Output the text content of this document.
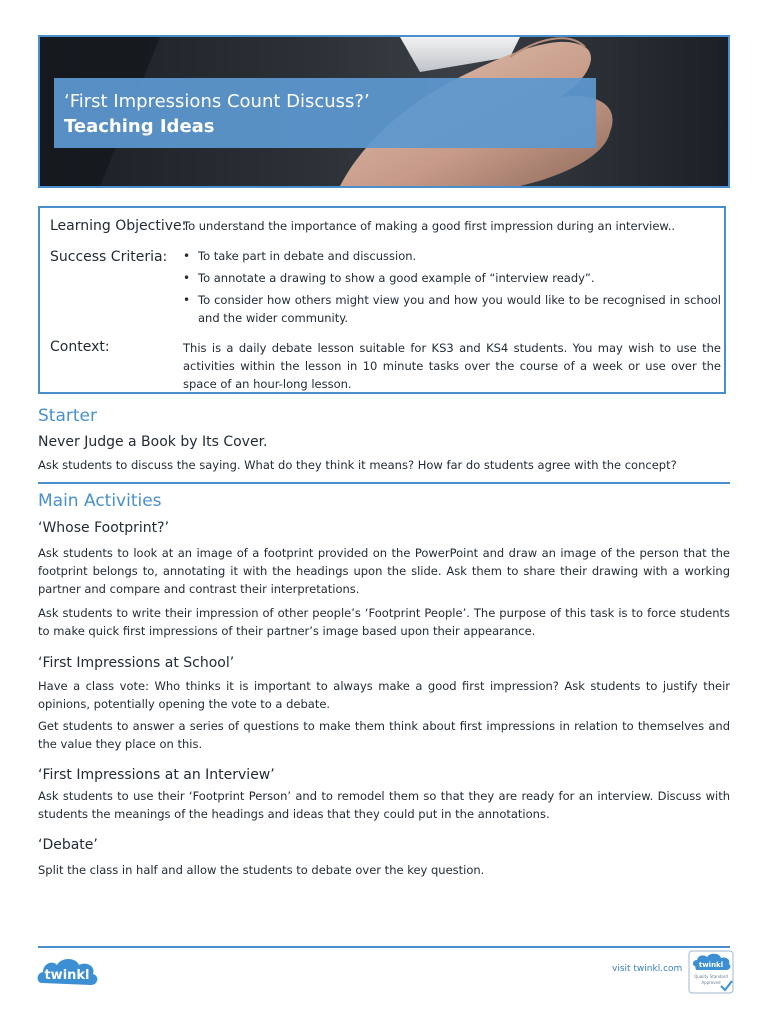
‘First Impressions Count Discuss?’
Teaching Ideas
Learning Objective:
To understand the importance of making a good first impression during an interview..
Success Criteria:
•	To take part in debate and discussion.
• To annotate a drawing to show a good example of “interview ready”.
• To consider how others might view you and how you would like to be recognised in school and the wider community.
Context:	This is a daily debate lesson suitable for KS3 and KS4 students. You may wish to use the activities within the lesson in 10 minute tasks over the course of a week or use over the space of an hour-long lesson.
Starter
Never Judge a Book by Its Cover.
Ask students to discuss the saying. What do they think it means? How far do students agree with the concept?
Main Activities
‘Whose Footprint?’
Ask students to look at an image of a footprint provided on the PowerPoint and draw an image of the person that the footprint belongs to, annotating it with the headings upon the slide. Ask them to share their drawing with a working partner and compare and contrast their interpretations.
Ask students to write their impression of other people’s ‘Footprint People’. The purpose of this task is to force students to make quick first impressions of their partner’s image based upon their appearance.
‘First Impressions at School’
Have a class vote: Who thinks it is important to always make a good first impression? Ask students to justify their opinions, potentially opening the vote to a debate.
Get students to answer a series of questions to make them think about first impressions in relation to themselves and the value they place on this.
‘First Impressions at an Interview’
Ask students to use their ‘Footprint Person’ and to remodel them so that they are ready for an interview. Discuss with students the meanings of the headings and ideas that they could put in the annotations.
‘Debate’
Split the class in half and allow the students to debate over the key question.
twinkl	visit twinkl.com twinkl
Quality Standard
Approved
